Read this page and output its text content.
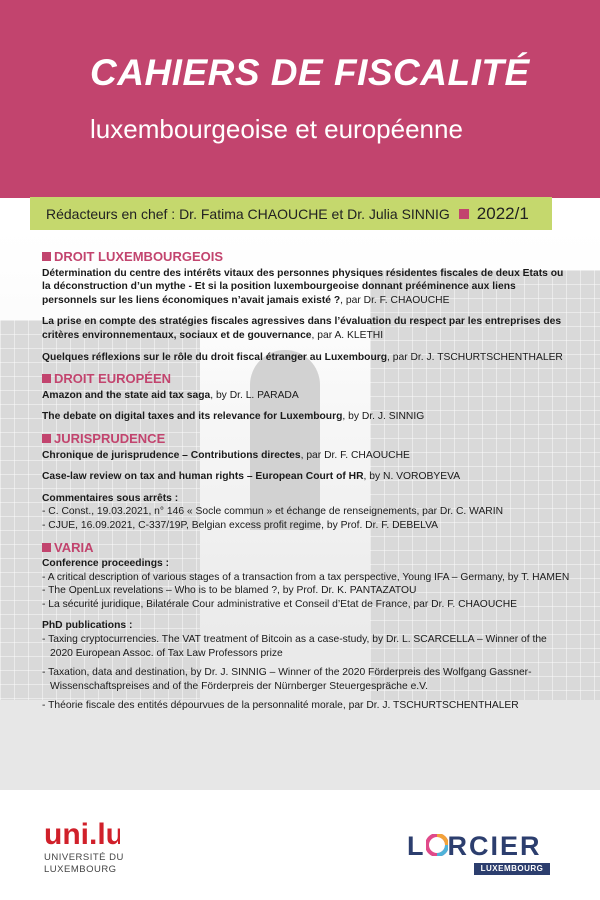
CAHIERS DE FISCALITÉ
luxembourgeoise et européenne
Rédacteurs en chef : Dr. Fatima CHAOUCHE et Dr. Julia SINNIG 2022/1
DROIT LUXEMBOURGEOIS
Détermination du centre des intérêts vitaux des personnes physiques résidentes fiscales de deux Etats ou la déconstruction d’un mythe - Et si la position luxembourgeoise donnant prééminence aux liens personnels sur les liens économiques n’avait jamais existé ?, par Dr. F. CHAOUCHE
La prise en compte des stratégies fiscales agressives dans l’évaluation du respect par les entreprises des critères environnementaux, sociaux et de gouvernance, par A. KLETHI
Quelques réflexions sur le rôle du droit fiscal étranger au Luxembourg, par Dr. J. TSCHURTSCHENTHALER
DROIT EUROPÉEN
Amazon and the state aid tax saga, by Dr. L. PARADA
The debate on digital taxes and its relevance for Luxembourg, by Dr. J. SINNIG
JURISPRUDENCE
Chronique de jurisprudence – Contributions directes, par Dr. F. CHAOUCHE
Case-law review on tax and human rights – European Court of HR, by N. VOROBYEVA
Commentaires sous arrêts :
- C. Const., 19.03.2021, n° 146 « Socle commun » et échange de renseignements, par Dr. C. WARIN
- CJUE, 16.09.2021, C-337/19P, Belgian excess profit regime, by Prof. Dr. F. DEBELVA
VARIA
Conference proceedings :
- A critical description of various stages of a transaction from a tax perspective, Young IFA – Germany, by T. HAMEN
- The OpenLux revelations – Who is to be blamed ?, by Prof. Dr. K. PANTAZATOU
- La sécurité juridique, Bilatérale Cour administrative et Conseil d’Etat de France, par Dr. F. CHAOUCHE
PhD publications :
- Taxing cryptocurrencies. The VAT treatment of Bitcoin as a case-study, by Dr. L. SCARCELLA – Winner of the 2020 European Assoc. of Tax Law Professors prize
- Taxation, data and destination, by Dr. J. SINNIG – Winner of the 2020 Förderpreis des Wolfgang Gassner-Wissenschaftspreises and of the Förderpreis der Nürnberger Steuergespräche e.V.
- Théorie fiscale des entités dépourvues de la personnalité morale, par Dr. J. TSCHURTSCHENTHALER
uni.lu
UNIVERSITÉ DU
LUXEMBOURG
L RCIER
LUXEMBOURG
